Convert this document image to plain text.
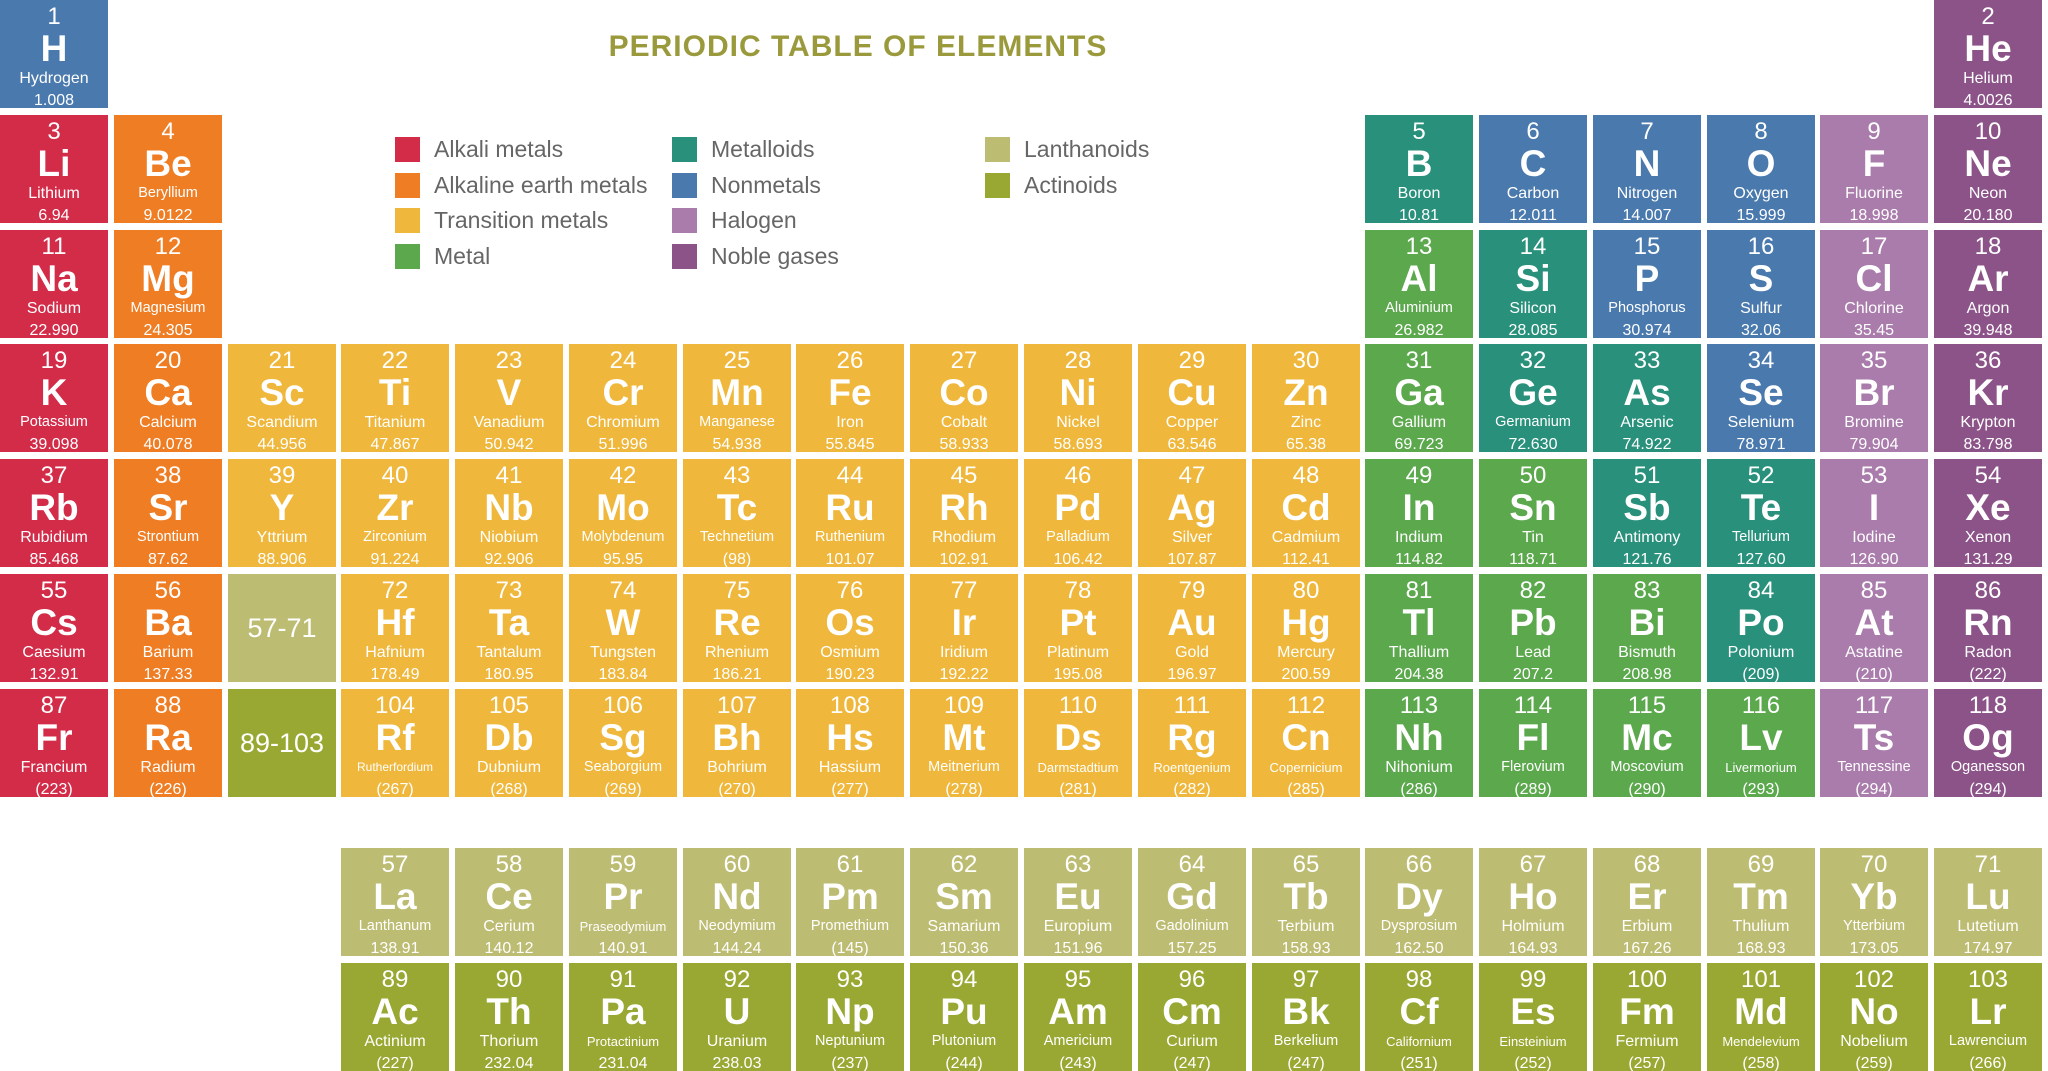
PERIODIC TABLE OF ELEMENTS
Alkali metals
Alkaline earth metals
Transition metals
Metal
Metalloids
Nonmetals
Halogen
Noble gases
Lanthanoids
Actinoids
1
H
Hydrogen
1.008
2
He
Helium
4.0026
3
Li
Lithium
6.94
4
Be
Beryllium
9.0122
5
B
Boron
10.81
6
C
Carbon
12.011
7
N
Nitrogen
14.007
8
O
Oxygen
15.999
9
F
Fluorine
18.998
10
Ne
Neon
20.180
11
Na
Sodium
22.990
12
Mg
Magnesium
24.305
13
Al
Aluminium
26.982
14
Si
Silicon
28.085
15
P
Phosphorus
30.974
16
S
Sulfur
32.06
17
Cl
Chlorine
35.45
18
Ar
Argon
39.948
19
K
Potassium
39.098
20
Ca
Calcium
40.078
21
Sc
Scandium
44.956
22
Ti
Titanium
47.867
23
V
Vanadium
50.942
24
Cr
Chromium
51.996
25
Mn
Manganese
54.938
26
Fe
Iron
55.845
27
Co
Cobalt
58.933
28
Ni
Nickel
58.693
29
Cu
Copper
63.546
30
Zn
Zinc
65.38
31
Ga
Gallium
69.723
32
Ge
Germanium
72.630
33
As
Arsenic
74.922
34
Se
Selenium
78.971
35
Br
Bromine
79.904
36
Kr
Krypton
83.798
37
Rb
Rubidium
85.468
38
Sr
Strontium
87.62
39
Y
Yttrium
88.906
40
Zr
Zirconium
91.224
41
Nb
Niobium
92.906
42
Mo
Molybdenum
95.95
43
Tc
Technetium
(98)
44
Ru
Ruthenium
101.07
45
Rh
Rhodium
102.91
46
Pd
Palladium
106.42
47
Ag
Silver
107.87
48
Cd
Cadmium
112.41
49
In
Indium
114.82
50
Sn
Tin
118.71
51
Sb
Antimony
121.76
52
Te
Tellurium
127.60
53
I
Iodine
126.90
54
Xe
Xenon
131.29
55
Cs
Caesium
132.91
56
Ba
Barium
137.33
72
Hf
Hafnium
178.49
73
Ta
Tantalum
180.95
74
W
Tungsten
183.84
75
Re
Rhenium
186.21
76
Os
Osmium
190.23
77
Ir
Iridium
192.22
78
Pt
Platinum
195.08
79
Au
Gold
196.97
80
Hg
Mercury
200.59
81
Tl
Thallium
204.38
82
Pb
Lead
207.2
83
Bi
Bismuth
208.98
84
Po
Polonium
(209)
85
At
Astatine
(210)
86
Rn
Radon
(222)
87
Fr
Francium
(223)
88
Ra
Radium
(226)
104
Rf
Rutherfordium
(267)
105
Db
Dubnium
(268)
106
Sg
Seaborgium
(269)
107
Bh
Bohrium
(270)
108
Hs
Hassium
(277)
109
Mt
Meitnerium
(278)
110
Ds
Darmstadtium
(281)
111
Rg
Roentgenium
(282)
112
Cn
Copernicium
(285)
113
Nh
Nihonium
(286)
114
Fl
Flerovium
(289)
115
Mc
Moscovium
(290)
116
Lv
Livermorium
(293)
117
Ts
Tennessine
(294)
118
Og
Oganesson
(294)
57
La
Lanthanum
138.91
58
Ce
Cerium
140.12
59
Pr
Praseodymium
140.91
60
Nd
Neodymium
144.24
61
Pm
Promethium
(145)
62
Sm
Samarium
150.36
63
Eu
Europium
151.96
64
Gd
Gadolinium
157.25
65
Tb
Terbium
158.93
66
Dy
Dysprosium
162.50
67
Ho
Holmium
164.93
68
Er
Erbium
167.26
69
Tm
Thulium
168.93
70
Yb
Ytterbium
173.05
71
Lu
Lutetium
174.97
89
Ac
Actinium
(227)
90
Th
Thorium
232.04
91
Pa
Protactinium
231.04
92
U
Uranium
238.03
93
Np
Neptunium
(237)
94
Pu
Plutonium
(244)
95
Am
Americium
(243)
96
Cm
Curium
(247)
97
Bk
Berkelium
(247)
98
Cf
Californium
(251)
99
Es
Einsteinium
(252)
100
Fm
Fermium
(257)
101
Md
Mendelevium
(258)
102
No
Nobelium
(259)
103
Lr
Lawrencium
(266)
57-71
89-103
